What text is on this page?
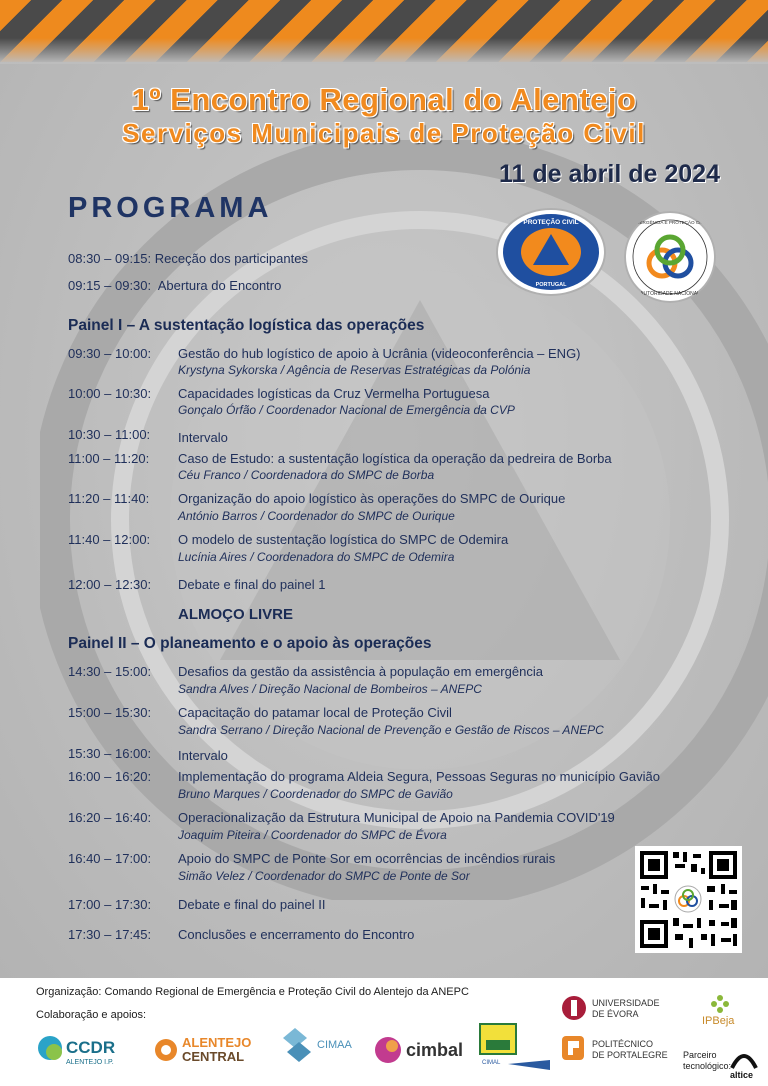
1º Encontro Regional do Alentejo
Serviços Municipais de Proteção Civil
11 de abril de 2024
PROGRAMA	PROTEÇÃO CIVIL
PORTUGAL
EMERGÊNCIA E PROTEÇÃO CIVIL
AUTORIDADE NACIONAL
08:30 – 09:15: Receção dos participantes
09:15 – 09:30: Abertura do Encontro
Painel I – A sustentação logística das operações
09:30 – 10:00: Gestão do hub logístico de apoio à Ucrânia (videoconferência – ENG)
Krystyna Sykorska / Agência de Reservas Estratégicas da Polónia
10:00 – 10:30: Capacidades logísticas da Cruz Vermelha Portuguesa
Gonçalo Órfão / Coordenador Nacional de Emergência da CVP
10:30 – 11:00: Intervalo
11:00 – 11:20: Caso de Estudo: a sustentação logística da operação da pedreira de Borba
Céu Franco / Coordenadora do SMPC de Borba
11:20 – 11:40: Organização do apoio logístico às operações do SMPC de Ourique
António Barros / Coordenador do SMPC de Ourique
11:40 – 12:00: O modelo de sustentação logística do SMPC de Odemira
Lucínia Aires / Coordenadora do SMPC de Odemira
12:00 – 12:30: Debate e final do painel 1
ALMOÇO LIVRE
Painel II – O planeamento e o apoio às operações
14:30 – 15:00: Desafios da gestão da assistência à população em emergência
Sandra Alves / Direção Nacional de Bombeiros – ANEPC
15:00 – 15:30: Capacitação do patamar local de Proteção Civil
Sandra Serrano / Direção Nacional de Prevenção e Gestão de Riscos – ANEPC
15:30 – 16:00: Intervalo
16:00 – 16:20: Implementação do programa Aldeia Segura, Pessoas Seguras no município Gavião
Bruno Marques / Coordenador do SMPC de Gavião
16:20 – 16:40: Operacionalização da Estrutura Municipal de Apoio na Pandemia COVID'19
Joaquim Piteira / Coordenador do SMPC de Évora
16:40 – 17:00: Apoio do SMPC de Ponte Sor em ocorrências de incêndios rurais
Simão Velez / Coordenador do SMPC de Ponte de Sor
17:00 – 17:30: Debate e final do painel II
17:30 – 17:45: Conclusões e encerramento do Encontro
Organização: Comando Regional de Emergência e Proteção Civil do Alentejo da ANEPC
Colaboração e apoios:
CCDR
ALENTEJO I.P.
ALENTEJO
CENTRAL
CIMAA	cimbal
CIMAL
UNIVERSIDADE
DE ÉVORA
IPBeja
POLITÉCNICO
DE PORTALEGRE Parceiro
tecnológico:
altice
